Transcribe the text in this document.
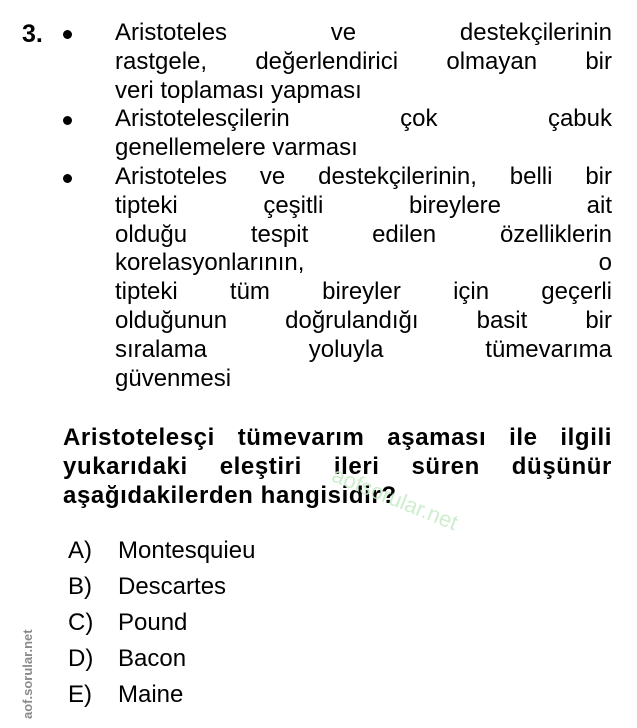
3.	Aristoteles ve destekçilerinin
rastgele, değerlendirici olmayan bir
veri toplaması yapması
Aristotelesçilerin çok çabuk
genellemelere varması
Aristoteles ve destekçilerinin, belli bir
tipteki çeşitli bireylere ait
olduğu tespit edilen özelliklerin
korelasyonlarının, o
tipteki tüm bireyler için geçerli
olduğunun doğrulandığı basit bir
sıralama yoluyla tümevarıma
güvenmesi
Aristotelesçi tümevarım aşaması ile ilgili
yukarıdaki eleştiri ileri süren düşünür
aşağıdakilerden hangisidir?
A) Montesquieu
B) Descartes
C) Pound
D) Bacon
E) Maine
aofsorular.net
aof.sorular.net
